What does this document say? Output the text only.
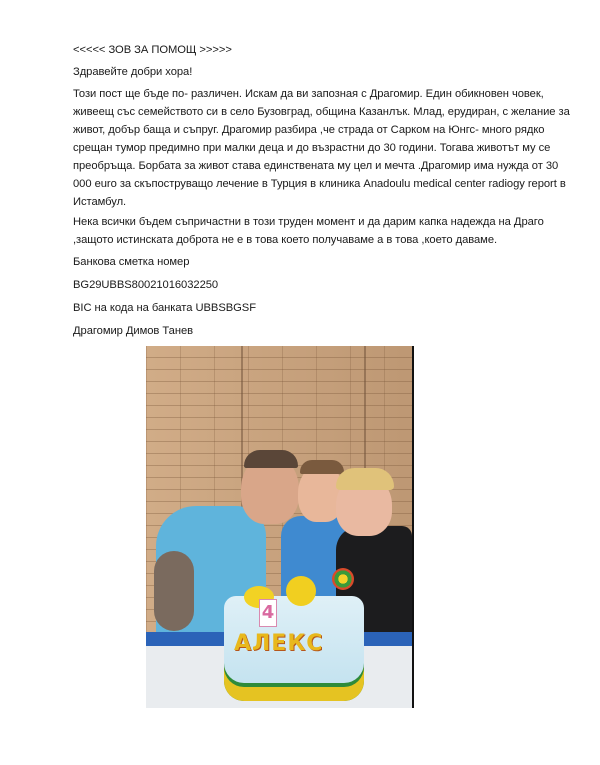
<<<<< ЗОВ ЗА ПОМОЩ >>>>>
Здравейте добри хора!
Този пост ще бъде по- различен. Искам да ви запозная с Драгомир. Един обикновен човек,
живеещ със семейството си в село Бузовград, община Казанлък. Млад, ерудиран, с желание за
живот, добър баща и съпруг. Драгомир разбира ,че страда от Сарком на Юнгс- много рядко
срещан тумор предимно при малки деца и до възрастни до 30 години. Тогава животът му се
преобръща. Борбата за живот става единствената му цел и мечта .Драгомир има нужда от 30
000 euro за скъпоструващо лечение в Турция в клиника Anadoulu medical center radiogy report в
Истамбул.
Нека всички бъдем съпричастни в този труден момент и да дарим капка надежда на Драго
,защото истинската доброта не е в това което получаваме а в това ,което даваме.
Банкова сметка номер
BG29UBBS80021016032250
BIC на кода на банката UBBSBGSF
Драгомир Димов Танев
4
АЛЕКС
